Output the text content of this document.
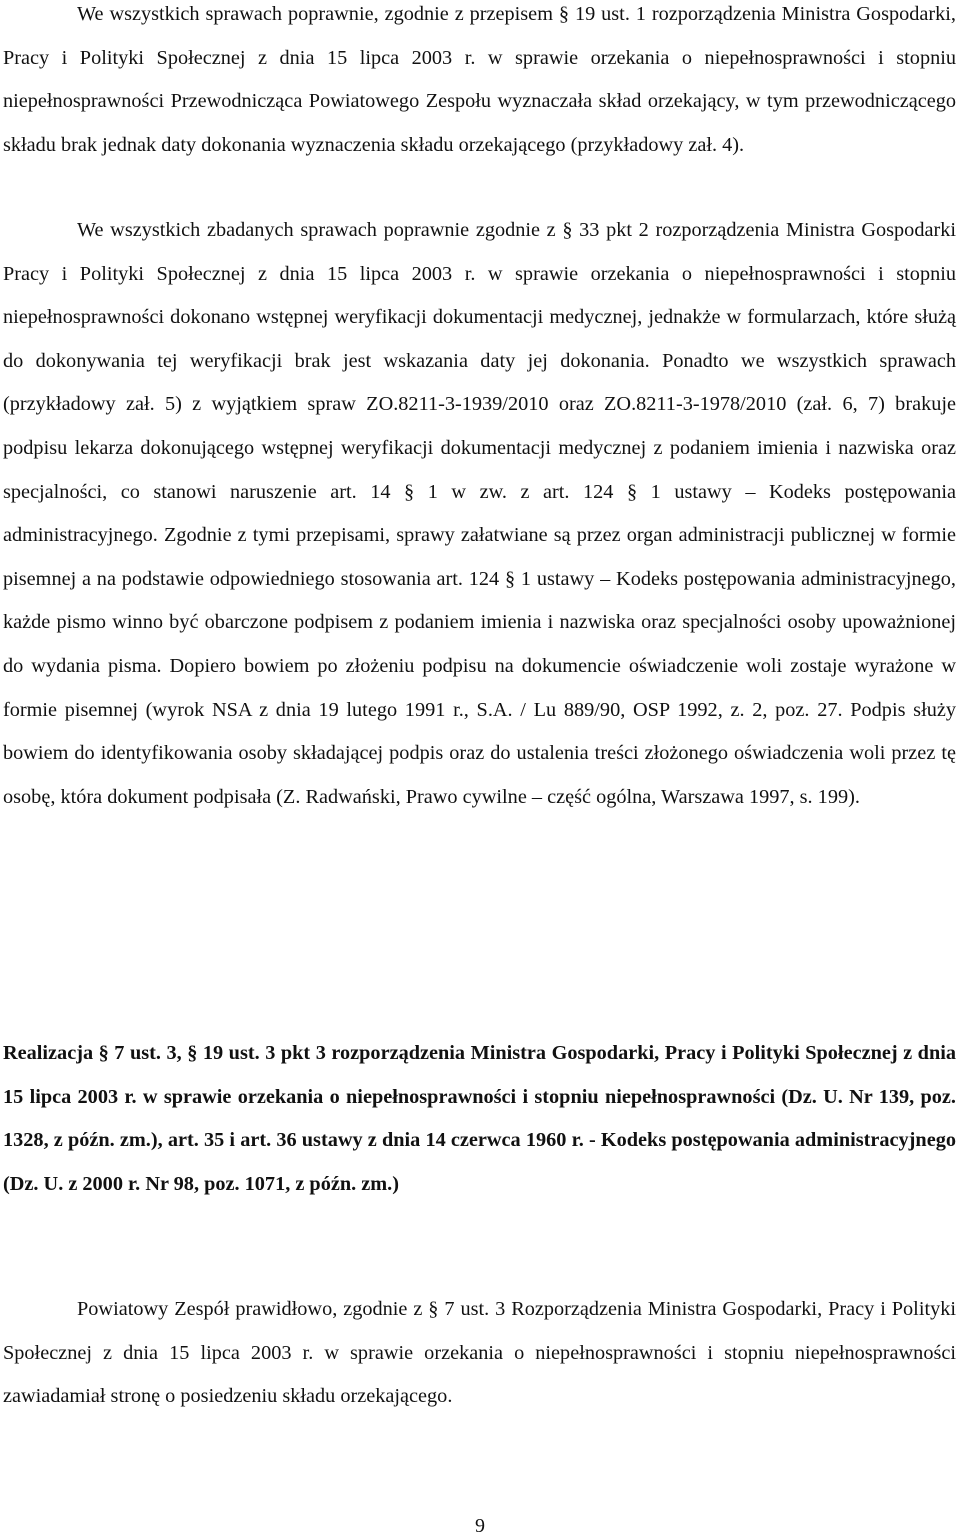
We wszystkich sprawach poprawnie, zgodnie z przepisem § 19 ust. 1 rozporządzenia Ministra Gospodarki, Pracy i Polityki Społecznej z dnia 15 lipca 2003 r. w sprawie orzekania o niepełnosprawności i stopniu niepełnosprawności Przewodnicząca Powiatowego Zespołu wyznaczała skład orzekający, w tym przewodniczącego składu brak jednak daty dokonania wyznaczenia składu orzekającego (przykładowy zał. 4).

We wszystkich zbadanych sprawach poprawnie zgodnie z § 33 pkt 2 rozporządzenia Ministra Gospodarki Pracy i Polityki Społecznej z dnia 15 lipca 2003 r. w sprawie orzekania o niepełnosprawności i stopniu niepełnosprawności dokonano wstępnej weryfikacji dokumentacji medycznej, jednakże w formularzach, które służą do dokonywania tej weryfikacji brak jest wskazania daty jej dokonania. Ponadto we wszystkich sprawach (przykładowy zał. 5) z wyjątkiem spraw ZO.8211-3-1939/2010 oraz ZO.8211-3-1978/2010 (zał. 6, 7) brakuje podpisu lekarza dokonującego wstępnej weryfikacji dokumentacji medycznej z podaniem imienia i nazwiska oraz specjalności, co stanowi naruszenie art. 14 § 1 w zw. z art. 124 § 1 ustawy – Kodeks postępowania administracyjnego. Zgodnie z tymi przepisami, sprawy załatwiane są przez organ administracji publicznej w formie pisemnej a na podstawie odpowiedniego stosowania art. 124 § 1 ustawy – Kodeks postępowania administracyjnego, każde pismo winno być obarczone podpisem z podaniem imienia i nazwiska oraz specjalności osoby upoważnionej do wydania pisma. Dopiero bowiem po złożeniu podpisu na dokumencie oświadczenie woli zostaje wyrażone w formie pisemnej (wyrok NSA z dnia 19 lutego 1991 r., S.A. / Lu 889/90, OSP 1992, z. 2, poz. 27. Podpis służy bowiem do identyfikowania osoby składającej podpis oraz do ustalenia treści złożonego oświadczenia woli przez tę osobę, która dokument podpisała (Z. Radwański, Prawo cywilne – część ogólna, Warszawa 1997, s. 199).

Realizacja § 7 ust. 3, § 19 ust. 3 pkt 3 rozporządzenia Ministra Gospodarki, Pracy i Polityki Społecznej z dnia 15 lipca 2003 r. w sprawie orzekania o niepełnosprawności i stopniu niepełnosprawności (Dz. U. Nr 139, poz. 1328, z późn. zm.), art. 35 i art. 36 ustawy z dnia 14 czerwca 1960 r. - Kodeks postępowania administracyjnego (Dz. U. z 2000 r. Nr 98, poz. 1071, z późn. zm.)

Powiatowy Zespół prawidłowo, zgodnie z § 7 ust. 3 Rozporządzenia Ministra Gospodarki, Pracy i Polityki Społecznej z dnia 15 lipca 2003 r. w sprawie orzekania o niepełnosprawności i stopniu niepełnosprawności zawiadamiał stronę o posiedzeniu składu orzekającego.

9
